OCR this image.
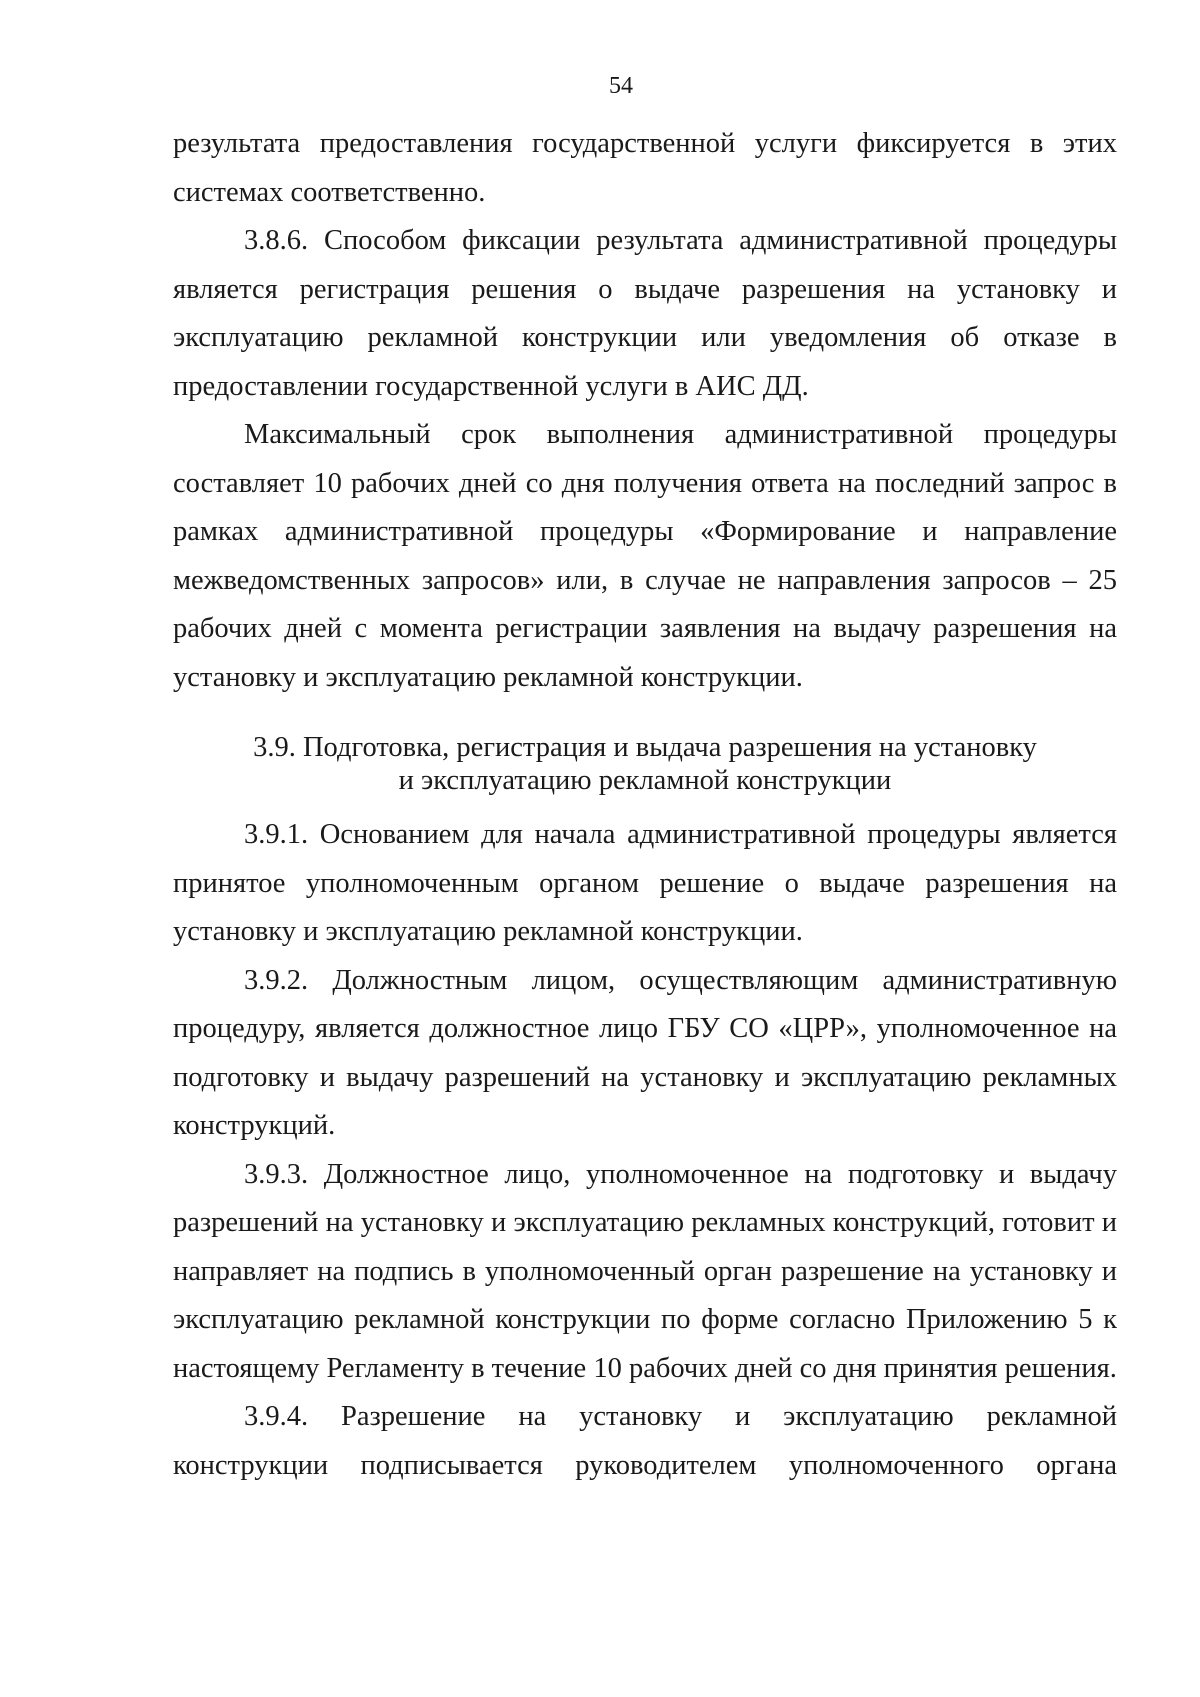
54

результата предоставления государственной услуги фиксируется в этих системах соответственно.

3.8.6. Способом фиксации результата административной процедуры является регистрация решения о выдаче разрешения на установку и эксплуатацию рекламной конструкции или уведомления об отказе в предоставлении государственной услуги в АИС ДД.

Максимальный срок выполнения административной процедуры составляет 10 рабочих дней со дня получения ответа на последний запрос в рамках административной процедуры «Формирование и направление межведомственных запросов» или, в случае не направления запросов – 25 рабочих дней с момента регистрации заявления на выдачу разрешения на установку и эксплуатацию рекламной конструкции.

3.9. Подготовка, регистрация и выдача разрешения на установку
и эксплуатацию рекламной конструкции

3.9.1. Основанием для начала административной процедуры является принятое уполномоченным органом решение о выдаче разрешения на установку и эксплуатацию рекламной конструкции.

3.9.2. Должностным лицом, осуществляющим административную процедуру, является должностное лицо ГБУ СО «ЦРР», уполномоченное на подготовку и выдачу разрешений на установку и эксплуатацию рекламных конструкций.

3.9.3. Должностное лицо, уполномоченное на подготовку и выдачу разрешений на установку и эксплуатацию рекламных конструкций, готовит и направляет на подпись в уполномоченный орган разрешение на установку и эксплуатацию рекламной конструкции по форме согласно Приложению 5 к настоящему Регламенту в течение 10 рабочих дней со дня принятия решения.

3.9.4. Разрешение на установку и эксплуатацию рекламной конструкции подписывается руководителем уполномоченного органа
